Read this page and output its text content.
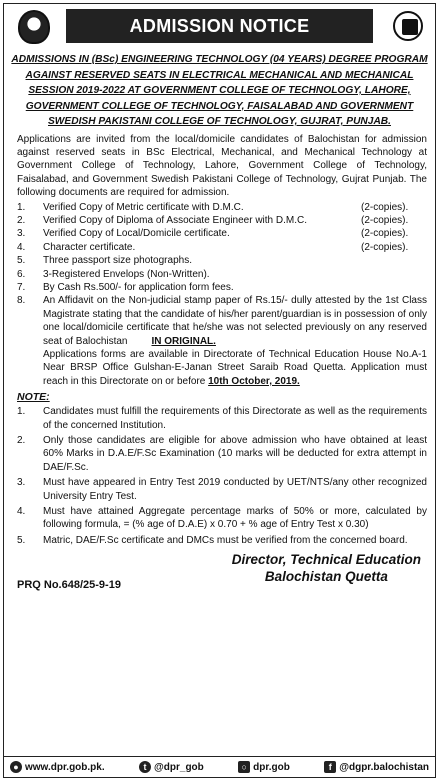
ADMISSION NOTICE
ADMISSIONS IN (BSc) ENGINEERING TECHNOLOGY (04 YEARS) DEGREE PROGRAM AGAINST RESERVED SEATS IN ELECTRICAL MECHANICAL AND MECHANICAL SESSION 2019-2022 AT GOVERNMENT COLLEGE OF TECHNOLOGY, LAHORE, GOVERNMENT COLLEGE OF TECHNOLOGY, FAISALABAD AND GOVERNMENT SWEDISH PAKISTANI COLLEGE OF TECHNOLOGY, GUJRAT, PUNJAB.
Applications are invited from the local/domicile candidates of Balochistan for admission against reserved seats in BSc Electrical, Mechanical, and Mechanical Technology at Government College of Technology, Lahore, Government College of Technology, Faisalabad, and Government Swedish Pakistani College of Technology, Gujrat Punjab. The following documents are required for admission.
1.	Verified Copy of Metric certificate with D.M.C.	(2-copies).
2.	Verified Copy of Diploma of Associate Engineer with D.M.C.	(2-copies).
3.	Verified Copy of Local/Domicile certificate.	(2-copies).
4.	Character certificate.	(2-copies).
5.	Three passport size photographs.
6.	3-Registered Envelops (Non-Written).
7.	By Cash Rs.500/- for application form fees.
8.	An Affidavit on the Non-judicial stamp paper of Rs.15/- dully attested by the 1st Class Magistrate stating that the candidate of his/her parent/guardian is in possession of only one local/domicile certificate that he/she was not selected previously on any reserved seat of Balochistan IN ORIGINAL.
Applications forms are available in Directorate of Technical Education House No.A-1 Near BRSP Office Gulshan-E-Janan Street Saraib Road Quetta. Application must reach in this Directorate on or before 10th October, 2019.
NOTE:
1.	Candidates must fulfill the requirements of this Directorate as well as the requirements of the concerned Institution.
2.	Only those candidates are eligible for above admission who have obtained at least 60% Marks in D.A.E/F.Sc Examination (10 marks will be deducted for extra attempt in DAE/F.Sc.
3.	Must have appeared in Entry Test 2019 conducted by UET/NTS/any other recognized University Entry Test.
4.	Must have attained Aggregate percentage marks of 50% or more, calculated by following formula, = (% age of D.A.E) x 0.70 + % age of Entry Test x 0.30)
5.	Matric, DAE/F.Sc certificate and DMCs must be verified from the concerned board.
PRQ No.648/25-9-19
Director, Technical Education
Balochistan Quetta
● www.dpr.gob.pk.	t @dpr_gob	○ dpr.gob	f @dgpr.balochistan
